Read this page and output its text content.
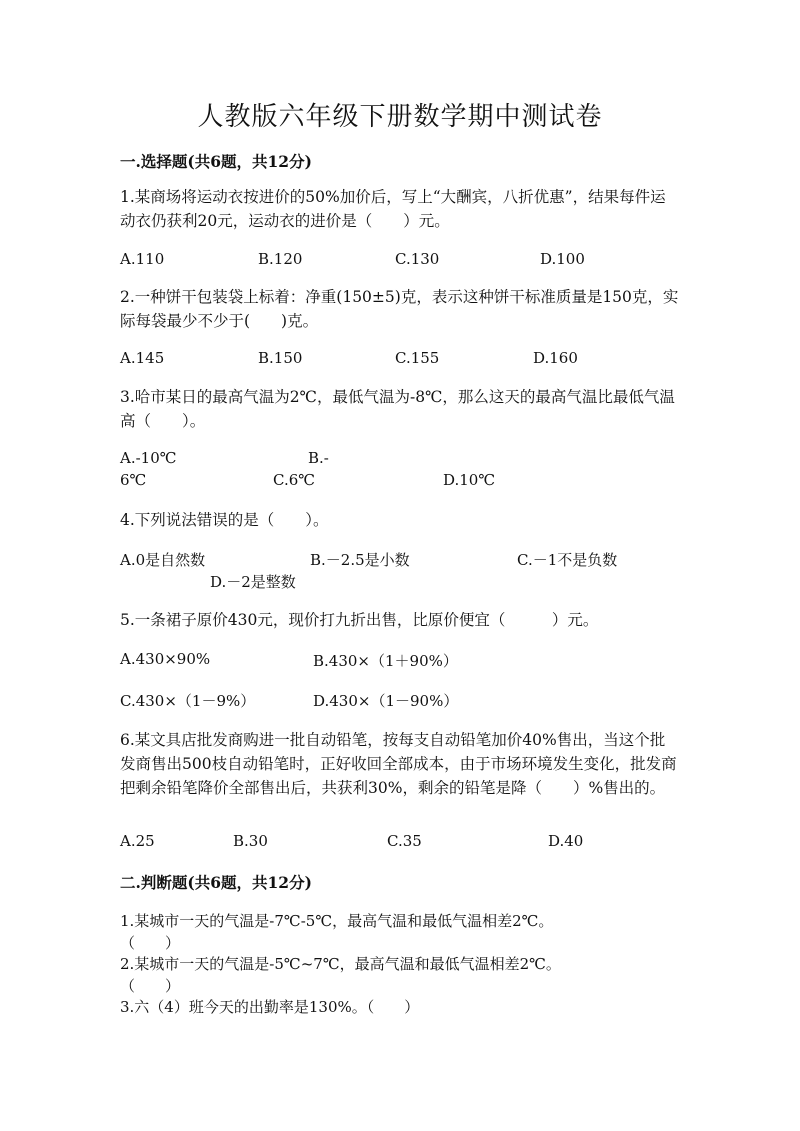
人教版六年级下册数学期中测试卷
一.选择题(共6题，共12分)
1.某商场将运动衣按进价的50%加价后，写上“大酬宾，八折优惠”，结果每件运动衣仍获利20元，运动衣的进价是（　　）元。
A.110	B.120	C.130	D.100
2.一种饼干包装袋上标着：净重(150±5)克，表示这种饼干标准质量是150克，实际每袋最少不少于(　　)克。
A.145	B.150	C.155	D.160
3.哈市某日的最高气温为2℃，最低气温为-8℃，那么这天的最高气温比最低气温高（　　）。
A.-10℃	B.-
6℃	C.6℃	D.10℃
4.下列说法错误的是（　　）。
A.0是自然数	B.－2.5是小数	C.－1不是负数
D.－2是整数
5.一条裙子原价430元，现价打九折出售，比原价便宜（　　　）元。
A.430×90%	B.430×（1＋90%）
C.430×（1－9%）	D.430×（1－90%）
6.某文具店批发商购进一批自动铅笔，按每支自动铅笔加价40%售出，当这个批发商售出500枝自动铅笔时，正好收回全部成本，由于市场环境发生变化，批发商把剩余铅笔降价全部售出后，共获利30%，剩余的铅笔是降（　　）%售出的。
A.25	B.30	C.35	D.40
二.判断题(共6题，共12分)
1.某城市一天的气温是-7℃-5℃，最高气温和最低气温相差2℃。
（　　）
2.某城市一天的气温是-5℃~7℃，最高气温和最低气温相差2℃。
（　　）
3.六（4）班今天的出勤率是130%。（　　）
